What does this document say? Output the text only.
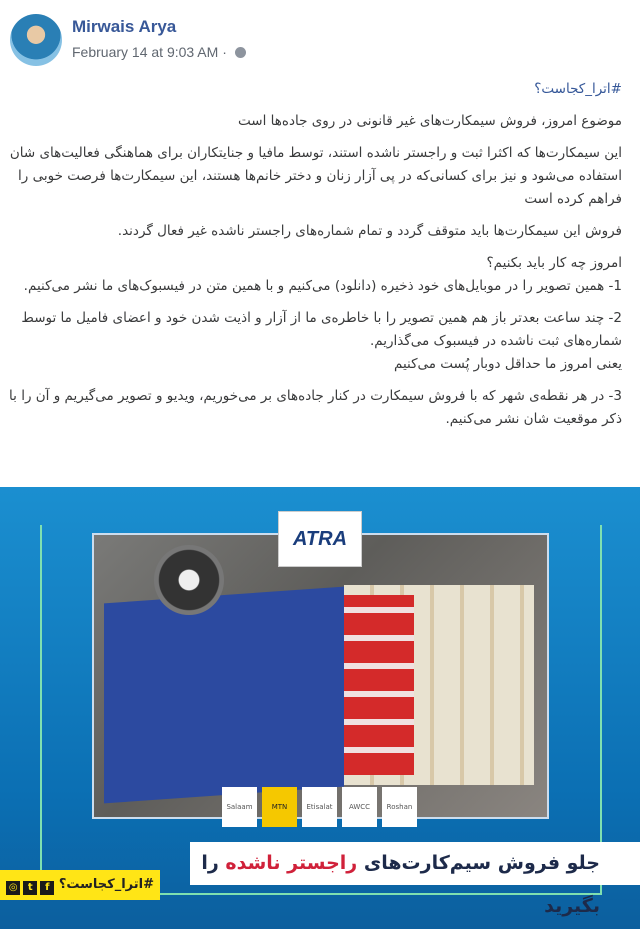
Mirwais Arya
February 14 at 9:03 AM ·

#اترا_کجاست؟

موضوع امروز، فروش سیمکارت‌های غیر قانونی در روی جاده‌ها است

این سیمکارت‌ها که اکثرا ثبت و راجستر ناشده استند، توسط مافیا و جنایتکاران برای هماهنگی فعالیت‌های شان استفاده می‌شود و نیز برای کسانی‌که در پی آزار زنان و دختر خانم‌ها هستند، این سیمکارت‌ها فرصت خوبی را فراهم کرده است

فروش این سیمکارت‌ها باید متوقف گردد و تمام شماره‌های راجستر ناشده غیر فعال گردند.

امروز چه کار باید بکنیم؟

1- همین تصویر را در موبایل‌های خود ذخیره (دانلود) می‌کنیم و با همین متن در فیسبوک‌های ما نشر می‌کنیم.

2- چند ساعت بعدتر باز هم همین تصویر را با خاطره‌ی ما از آزار و اذیت شدن خود و اعضای فامیل ما توسط شماره‌های ثبت ناشده در فیسبوک می‌گذاریم.

یعنی امروز ما حداقل دوبار پُست می‌کنیم

3- در هر نقطه‌ی شهر که با فروش سیمکارت در کنار جاده‌های بر می‌خوریم، ویدیو و تصویر می‌گیریم و آن را با ذکر موقعیت شان نشر می‌کنیم.

ATRA
Salaam	MTN	Etisalat	AWCC	Roshan
جلو فروش سیم‌کارت‌های راجستر ناشده را بگیرید
#اترا_کجاست؟ ft◎
